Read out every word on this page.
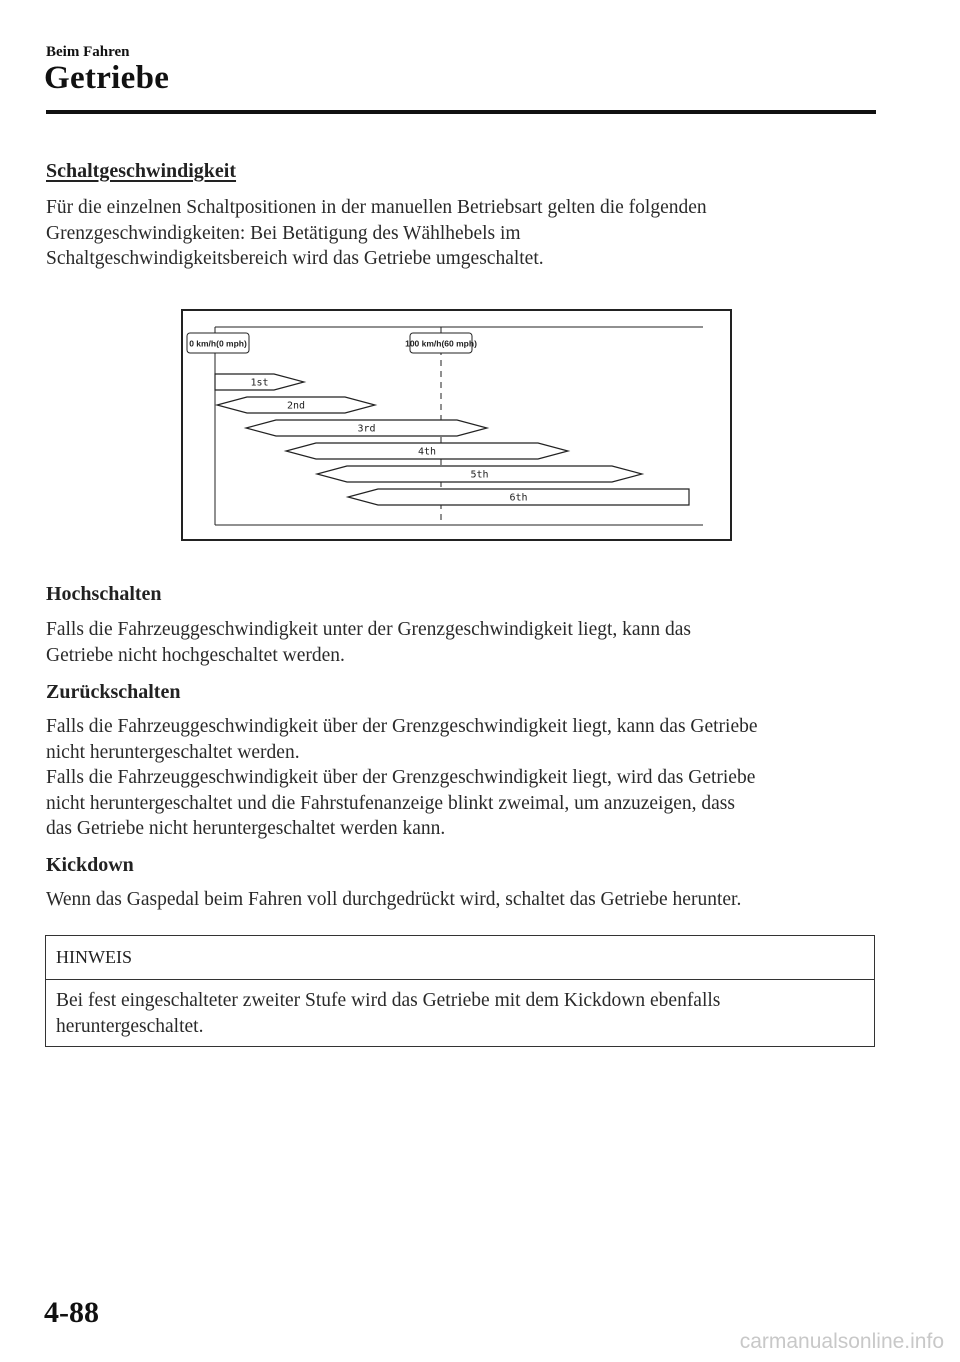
Beim Fahren
Getriebe
Schaltgeschwindigkeit
Für die einzelnen Schaltpositionen in der manuellen Betriebsart gelten die folgenden
Grenzgeschwindigkeiten: Bei Betätigung des Wählhebels im
Schaltgeschwindigkeitsbereich wird das Getriebe umgeschaltet.
0 km/h(0 mph)	100 km/h(60 mph)
1st
2nd
3rd
4th
5th
6th
Hochschalten
Falls die Fahrzeuggeschwindigkeit unter der Grenzgeschwindigkeit liegt, kann das
Getriebe nicht hochgeschaltet werden.
Zurückschalten
Falls die Fahrzeuggeschwindigkeit über der Grenzgeschwindigkeit liegt, kann das Getriebe
nicht heruntergeschaltet werden.
Falls die Fahrzeuggeschwindigkeit über der Grenzgeschwindigkeit liegt, wird das Getriebe
nicht heruntergeschaltet und die Fahrstufenanzeige blinkt zweimal, um anzuzeigen, dass
das Getriebe nicht heruntergeschaltet werden kann.
Kickdown
Wenn das Gaspedal beim Fahren voll durchgedrückt wird, schaltet das Getriebe herunter.
HINWEIS
Bei fest eingeschalteter zweiter Stufe wird das Getriebe mit dem Kickdown ebenfalls
heruntergeschaltet.
4-88
carmanualsonline.info
